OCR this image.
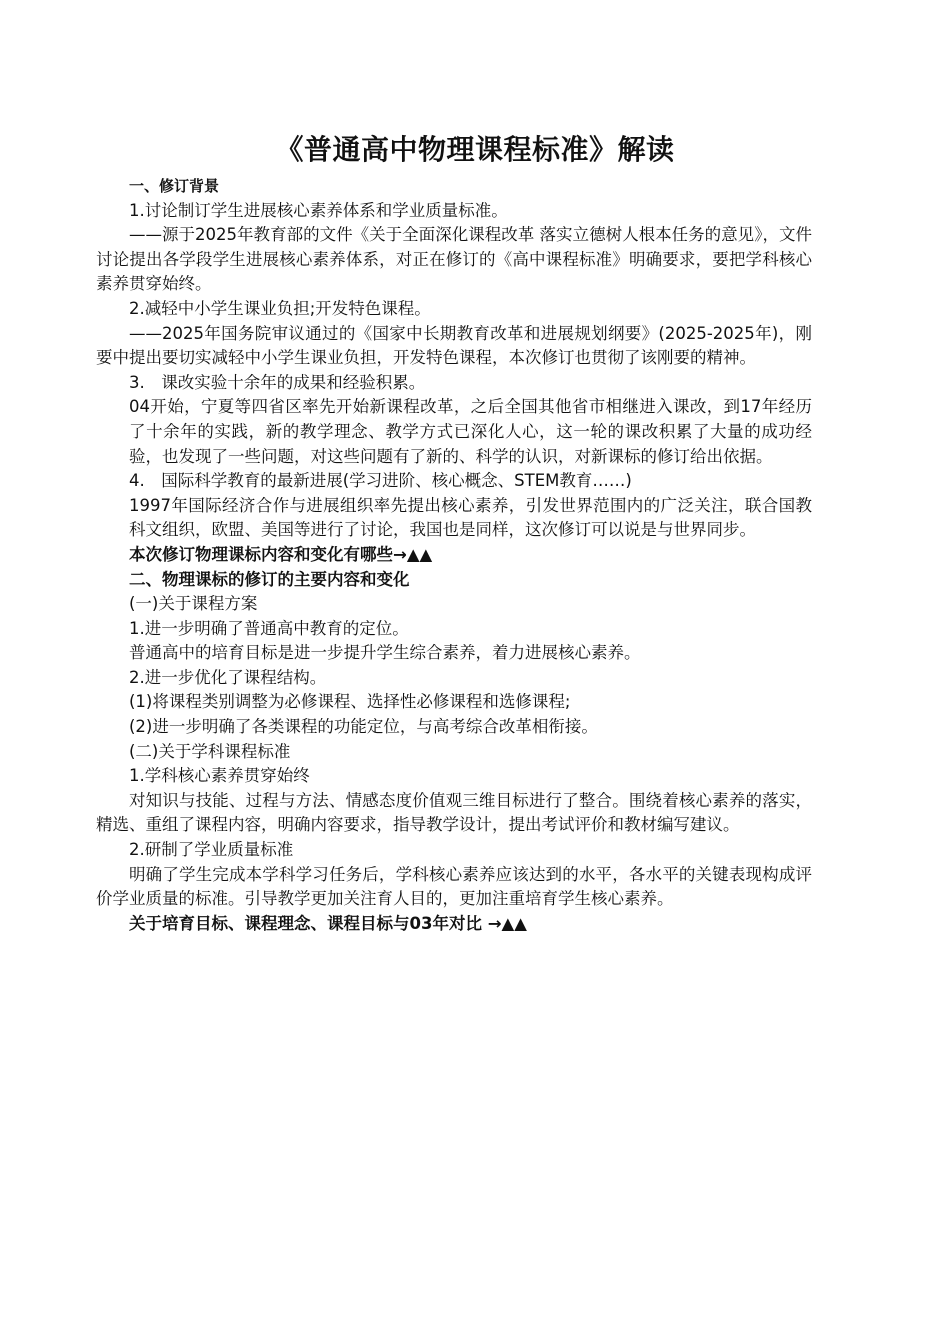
《普通高中物理课程标准》解读

一、修订背景

1.讨论制订学生进展核心素养体系和学业质量标准。

——源于2025年教育部的文件《关于全面深化课程改革 落实立德树人根本任务的意见》，文件讨论提出各学段学生进展核心素养体系，对正在修订的《高中课程标准》明确要求，要把学科核心素养贯穿始终。

2.减轻中小学生课业负担;开发特色课程。

——2025年国务院审议通过的《国家中长期教育改革和进展规划纲要》(2025-2025年)，刚要中提出要切实减轻中小学生课业负担，开发特色课程，本次修订也贯彻了该刚要的精神。

3.　课改实验十余年的成果和经验积累。

04开始，宁夏等四省区率先开始新课程改革，之后全国其他省市相继进入课改，到17年经历了十余年的实践，新的教学理念、教学方式已深化人心，这一轮的课改积累了大量的成功经验，也发现了一些问题，对这些问题有了新的、科学的认识，对新课标的修订给出依据。

4.　国际科学教育的最新进展(学习进阶、核心概念、STEM教育……)

1997年国际经济合作与进展组织率先提出核心素养，引发世界范围内的广泛关注，联合国教科文组织，欧盟、美国等进行了讨论，我国也是同样，这次修订可以说是与世界同步。

本次修订物理课标内容和变化有哪些→▲▲

二、物理课标的修订的主要内容和变化

(一)关于课程方案

1.进一步明确了普通高中教育的定位。

普通高中的培育目标是进一步提升学生综合素养，着力进展核心素养。

2.进一步优化了课程结构。

(1)将课程类别调整为必修课程、选择性必修课程和选修课程;

(2)进一步明确了各类课程的功能定位，与高考综合改革相衔接。

(二)关于学科课程标准

1.学科核心素养贯穿始终

对知识与技能、过程与方法、情感态度价值观三维目标进行了整合。围绕着核心素养的落实，精选、重组了课程内容，明确内容要求，指导教学设计，提出考试评价和教材编写建议。

2.研制了学业质量标准

明确了学生完成本学科学习任务后，学科核心素养应该达到的水平，各水平的关键表现构成评价学业质量的标准。引导教学更加关注育人目的，更加注重培育学生核心素养。

关于培育目标、课程理念、课程目标与03年对比 →▲▲
